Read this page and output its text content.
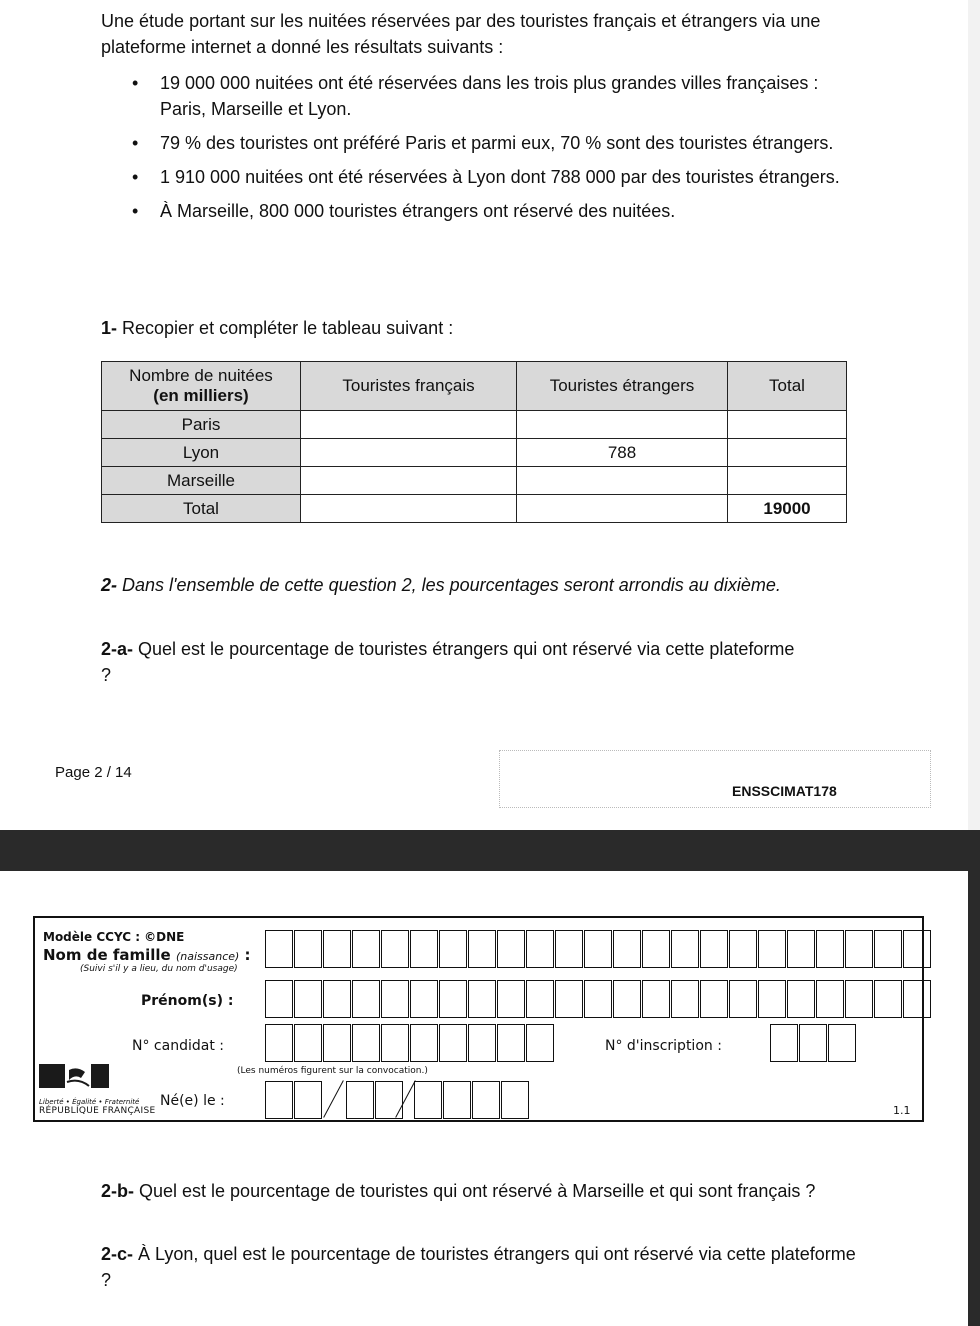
Une étude portant sur les nuitées réservées par des touristes français et étrangers via une plateforme internet a donné les résultats suivants :
• 19 000 000 nuitées ont été réservées dans les trois plus grandes villes françaises : Paris, Marseille et Lyon.
• 79 % des touristes ont préféré Paris et parmi eux, 70 % sont des touristes étrangers.
• 1 910 000 nuitées ont été réservées à Lyon dont 788 000 par des touristes étrangers.
• À Marseille, 800 000 touristes étrangers ont réservé des nuitées.
1- Recopier et compléter le tableau suivant :
Nombre de nuitées
(en milliers)	Touristes français	Touristes étrangers	Total
Paris			
Lyon		788	
Marseille			
Total			19000
2- Dans l'ensemble de cette question 2, les pourcentages seront arrondis au dixième.
2-a- Quel est le pourcentage de touristes étrangers qui ont réservé via cette plateforme ?
Page 2 / 14
ENSSCIMAT178
Modèle CCYC : ©DNE
Nom de famille (naissance) :
(Suivi s'il y a lieu, du nom d'usage)
Prénom(s) :
N° candidat :	N° d'inscription :
(Les numéros figurent sur la convocation.)
Liberté • Égalité • Fraternité
RÉPUBLIQUE FRANÇAISE
Né(e) le :
1.1
2-b- Quel est le pourcentage de touristes qui ont réservé à Marseille et qui sont français ?
2-c- À Lyon, quel est le pourcentage de touristes étrangers qui ont réservé via cette plateforme ?
